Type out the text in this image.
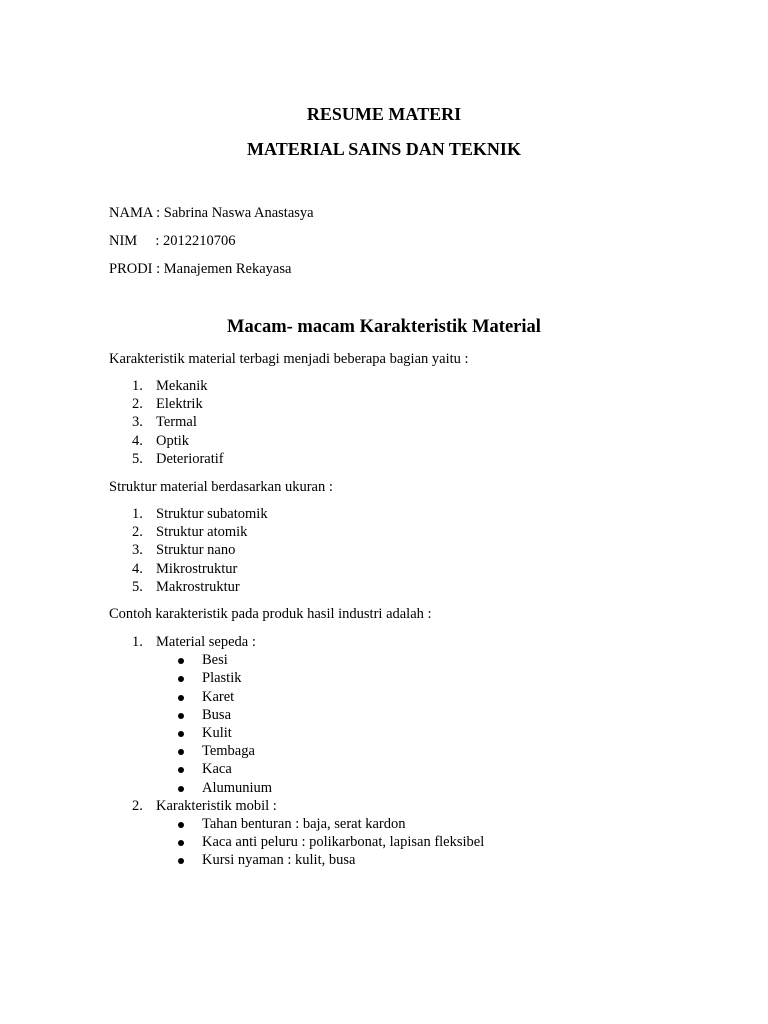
RESUME MATERI
MATERIAL SAINS DAN TEKNIK

NAMA : Sabrina Naswa Anastasya

NIM     : 2012210706

PRODI : Manajemen Rekayasa

Macam- macam Karakteristik Material

Karakteristik material terbagi menjadi beberapa bagian yaitu :

1. Mekanik
2. Elektrik
3. Termal
4. Optik
5. Deterioratif

Struktur material berdasarkan ukuran :

1. Struktur subatomik
2. Struktur atomik
3. Struktur nano
4. Mikrostruktur
5. Makrostruktur

Contoh karakteristik pada produk hasil industri adalah :

1. Material sepeda :
Besi
Plastik
Karet
Busa
Kulit
Tembaga
Kaca
Alumunium
2. Karakteristik mobil :
Tahan benturan : baja, serat kardon
Kaca anti peluru : polikarbonat, lapisan fleksibel
Kursi nyaman : kulit, busa
